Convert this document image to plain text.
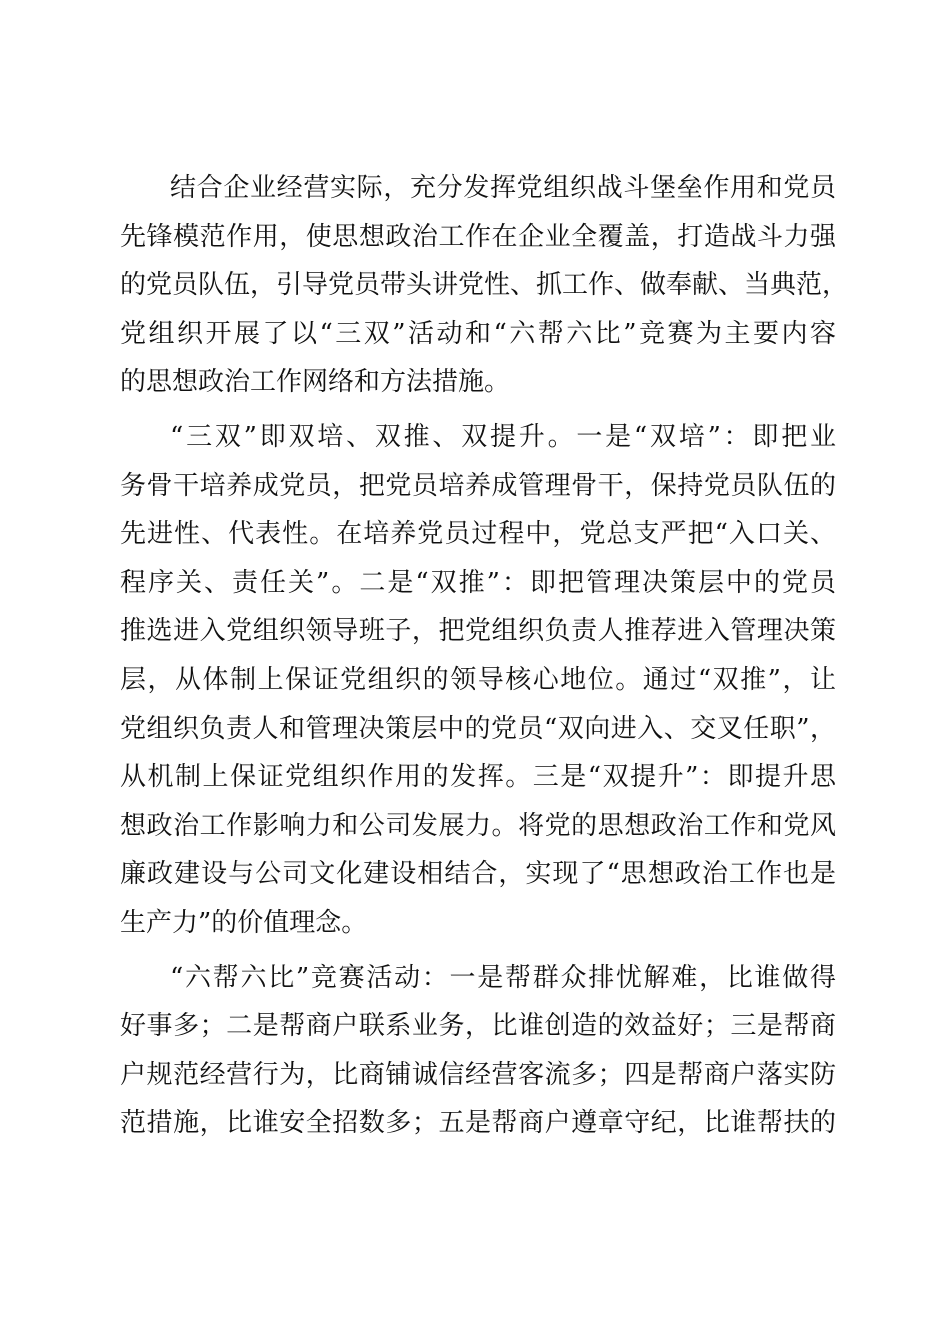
结合企业经营实际，充分发挥党组织战斗堡垒作用和党员
先锋模范作用，使思想政治工作在企业全覆盖，打造战斗力强
的党员队伍，引导党员带头讲党性、抓工作、做奉献、当典范，
党组织开展了以“三双”活动和“六帮六比”竞赛为主要内容
的思想政治工作网络和方法措施。
“三双”即双培、双推、双提升。一是“双培”：即把业
务骨干培养成党员，把党员培养成管理骨干，保持党员队伍的
先进性、代表性。在培养党员过程中，党总支严把“入口关、
程序关、责任关”。二是“双推”：即把管理决策层中的党员
推选进入党组织领导班子，把党组织负责人推荐进入管理决策
层，从体制上保证党组织的领导核心地位。通过“双推”，让
党组织负责人和管理决策层中的党员“双向进入、交叉任职”，
从机制上保证党组织作用的发挥。三是“双提升”：即提升思
想政治工作影响力和公司发展力。将党的思想政治工作和党风
廉政建设与公司文化建设相结合，实现了“思想政治工作也是
生产力”的价值理念。
“六帮六比”竞赛活动：一是帮群众排忧解难，比谁做得
好事多；二是帮商户联系业务，比谁创造的效益好；三是帮商
户规范经营行为，比商铺诚信经营客流多；四是帮商户落实防
范措施，比谁安全招数多；五是帮商户遵章守纪，比谁帮扶的
